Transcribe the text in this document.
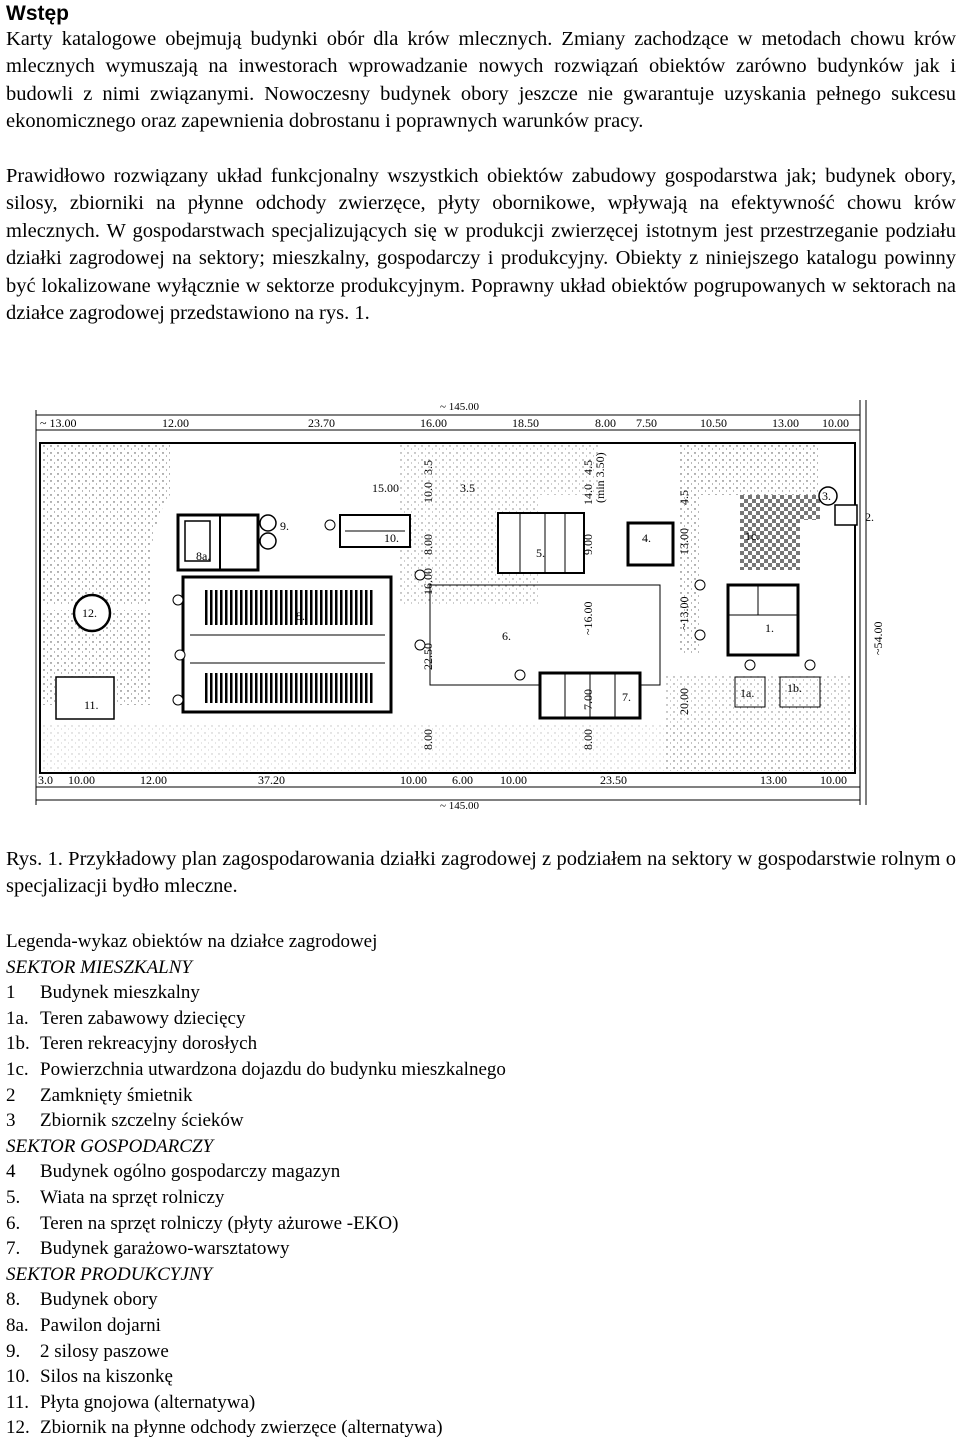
Wstęp
Karty katalogowe obejmują budynki obór dla krów mlecznych. Zmiany zachodzące w metodach chowu krów mlecznych wymuszają na inwestorach wprowadzanie nowych rozwiązań obiektów zarówno budynków jak i budowli z nimi związanymi. Nowoczesny budynek obory jeszcze nie gwarantuje uzyskania pełnego sukcesu ekonomicznego oraz zapewnienia dobrostanu i poprawnych warunków pracy.
Prawidłowo rozwiązany układ funkcjonalny wszystkich obiektów zabudowy gospodarstwa jak; budynek obory, silosy, zbiorniki na płynne odchody zwierzęce, płyty obornikowe, wpływają na efektywność chowu krów mlecznych. W gospodarstwach specjalizujących się w produkcji zwierzęcej istotnym jest przestrzeganie podziału działki zagrodowej na sektory; mieszkalny, gospodarczy i produkcyjny. Obiekty z niniejszego katalogu powinny być lokalizowane wyłącznie w sektorze produkcyjnym. Poprawny układ obiektów pogrupowanych w sektorach na działce zagrodowej przedstawiono na rys. 1.
~ 145.00
~ 145.00
~ 13.00	12.00	23.70	16.00	18.50	8.00 7.50	10.50	13.00 10.00
3.0 10.00	12.00	37.20	10.00 6.00 10.00	23.50	13.00	10.00
3.5
15.00 10.0 3.5
8.00
16.00
22.50
8.00
4.5
14.0
9.00
(min 3.50)
~16.00
7.00
8.00
4.5
13.00
~13.00
20.00
~54.00
1.
1a.	1b.
1c.
2.
3.
4.
5.
6.
7.
8.
8a.
9.
10.
11.
12.
Rys. 1. Przykładowy plan zagospodarowania działki zagrodowej z podziałem na sektory w gospodarstwie rolnym o specjalizacji bydło mleczne.
Legenda-wykaz obiektów na działce zagrodowej
SEKTOR MIESZKALNY
1 Budynek mieszkalny
1a. Teren zabawowy dziecięcy
1b. Teren rekreacyjny dorosłych
1c. Powierzchnia utwardzona dojazdu do budynku mieszkalnego
2 Zamknięty śmietnik
3 Zbiornik szczelny ścieków
SEKTOR GOSPODARCZY
4 Budynek ogólno gospodarczy magazyn
5. Wiata na sprzęt rolniczy
6. Teren na sprzęt rolniczy (płyty ażurowe -EKO)
7. Budynek garażowo-warsztatowy
SEKTOR PRODUKCYJNY
8. Budynek obory
8a. Pawilon dojarni
9. 2 silosy paszowe
10. Silos na kiszonkę
11. Płyta gnojowa (alternatywa)
12. Zbiornik na płynne odchody zwierzęce (alternatywa)
